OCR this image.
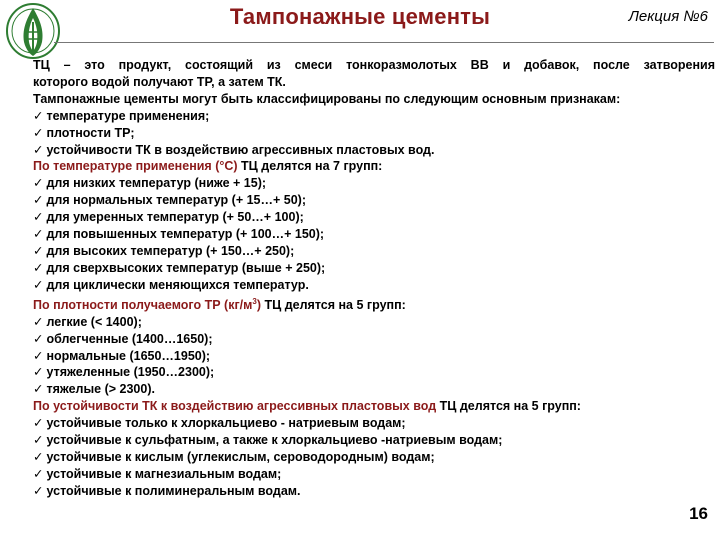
Тампонажные цементы	Лекция №6

ТЦ – это продукт, состоящий из смеси тонкоразмолотых ВВ и добавок, после затворения

которого водой получают ТР, а затем ТК.

Тампонажные цементы могут быть классифицированы по следующим основным признакам:

✓ температуре применения;

✓ плотности ТР;

✓ устойчивости ТК в воздействию агрессивных пластовых вод.

По температуре применения (°С) ТЦ делятся на 7 групп:

✓ для низких температур (ниже + 15);

✓ для нормальных температур (+ 15…+ 50);

✓ для умеренных температур (+ 50…+ 100);

✓ для повышенных температур (+ 100…+ 150);

✓ для высоких температур (+ 150…+ 250);

✓ для сверхвысоких температур (выше + 250);

✓ для циклически меняющихся температур.

По плотности получаемого ТР $(кг/м^3)$ ТЦ делятся на 5 групп:

✓ легкие (< 1400);

✓ облегченные (1400…1650);

✓ нормальные (1650…1950);

✓ утяжеленные (1950…2300);

✓ тяжелые (> 2300).

По устойчивости ТК к воздействию агрессивных пластовых вод ТЦ делятся на 5 групп:

✓ устойчивые только к хлоркальциево - натриевым водам;

✓ устойчивые к сульфатным, а также к хлоркальциево -натриевым водам;

✓ устойчивые к кислым (углекислым, сероводородным) водам;

✓ устойчивые к магнезиальным водам;

✓ устойчивые к полиминеральным водам.

16
